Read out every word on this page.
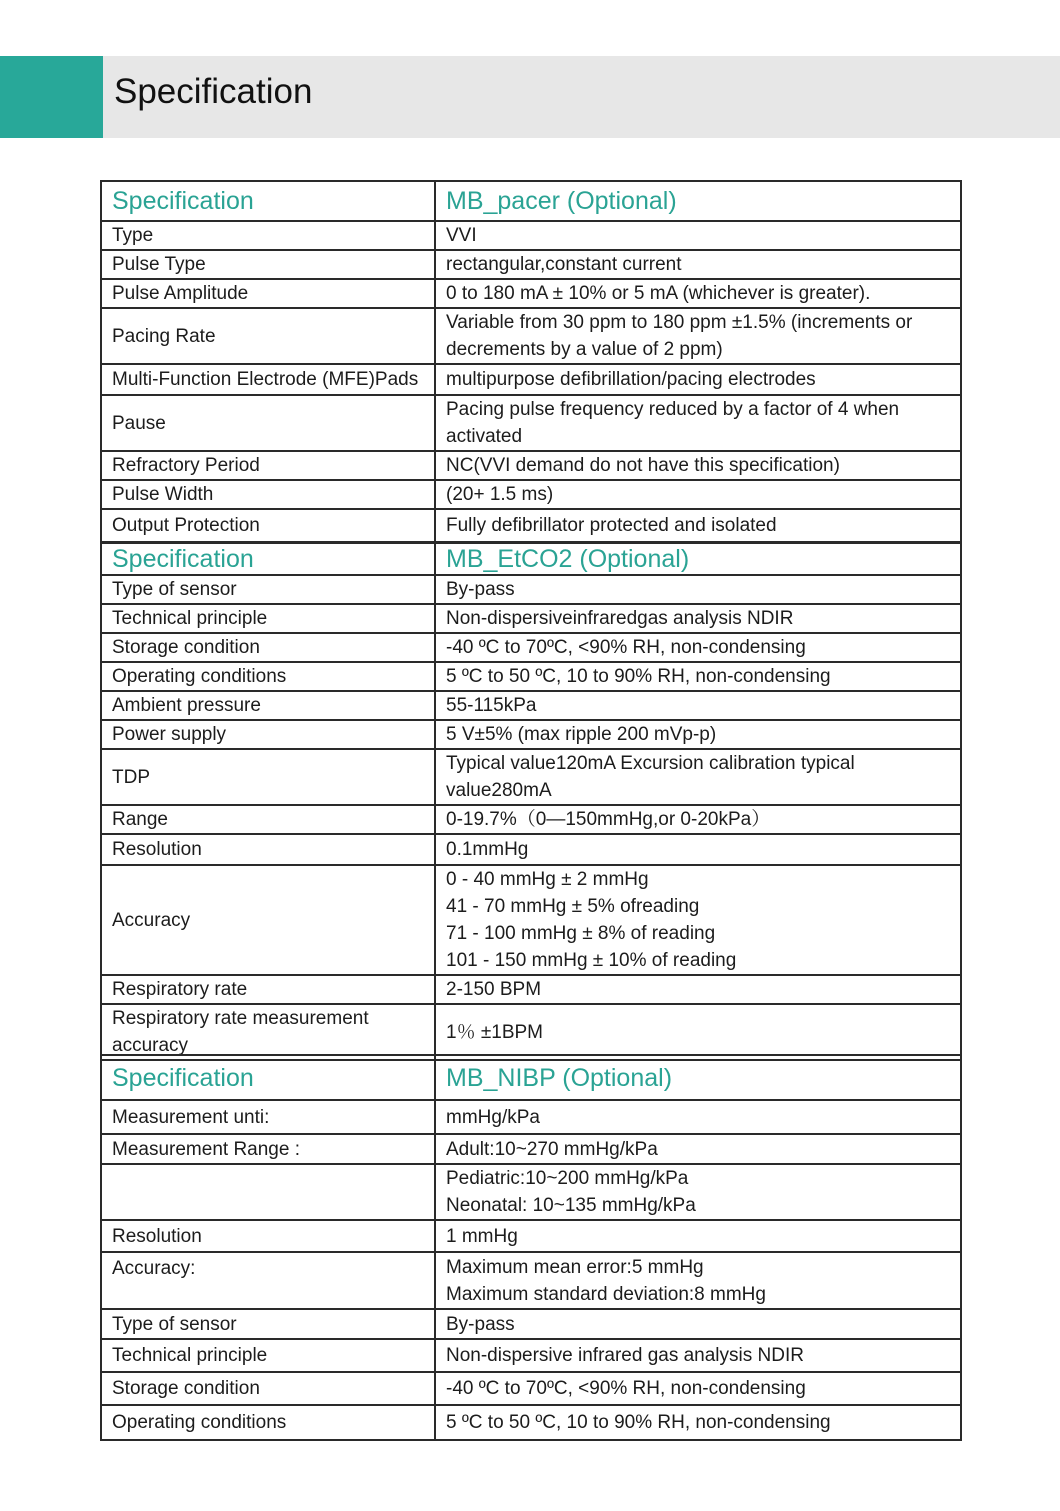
Specification
Specification	MB_pacer (Optional)
Type	VVI
Pulse Type	rectangular,constant current
Pulse Amplitude	0 to 180 mA ± 10% or 5 mA (whichever is greater).
Pacing Rate	Variable from 30 ppm to 180 ppm ±1.5% (increments or
decrements by a value of 2 ppm)

Multi-Function Electrode (MFE)Pads	multipurpose defibrillation/pacing electrodes
Pause	Pacing pulse frequency reduced by a factor of 4 when
activated

Refractory Period	NC(VVI demand do not have this specification)
Pulse Width	(20+ 1.5 ms)
Output Protection	Fully defibrillator protected and isolated
Specification	MB_EtCO2 (Optional)
Type of sensor	By-pass
Technical principle	Non-dispersiveinfraredgas analysis NDIR
Storage condition	-40 ºC to 70ºC, <90% RH, non-condensing
Operating conditions	5 ºC to 50 ºC, 10 to 90% RH, non-condensing
Ambient pressure	55-115kPa
Power supply	5 V±5% (max ripple 200 mVp-p)
TDP	Typical value120mA Excursion calibration typical
value280mA

Range	0-19.7%（0—150mmHg,or 0-20kPa）
Resolution	0.1mmHg
Accuracy	0 - 40 mmHg ± 2 mmHg
41 - 70 mmHg ± 5% ofreading
71 - 100 mmHg ± 8% of reading
101 - 150 mmHg ± 10% of reading

Respiratory rate	2-150 BPM
Respiratory rate measurement accuracy	1％ ±1BPM
Specification	MB_NIBP (Optional)
Measurement unti:	mmHg/kPa
Measurement Range :	Adult:10~270 mmHg/kPa

	Pediatric:10~200 mmHg/kPa
Neonatal: 10~135 mmHg/kPa

Resolution	1 mmHg
Accuracy:	Maximum mean error:5 mmHg
Maximum standard deviation:8 mmHg

Type of sensor	By-pass
Technical principle	Non-dispersive infrared gas analysis NDIR
Storage condition	-40 ºC to 70ºC, <90% RH, non-condensing
Operating conditions	5 ºC to 50 ºC, 10 to 90% RH, non-condensing
